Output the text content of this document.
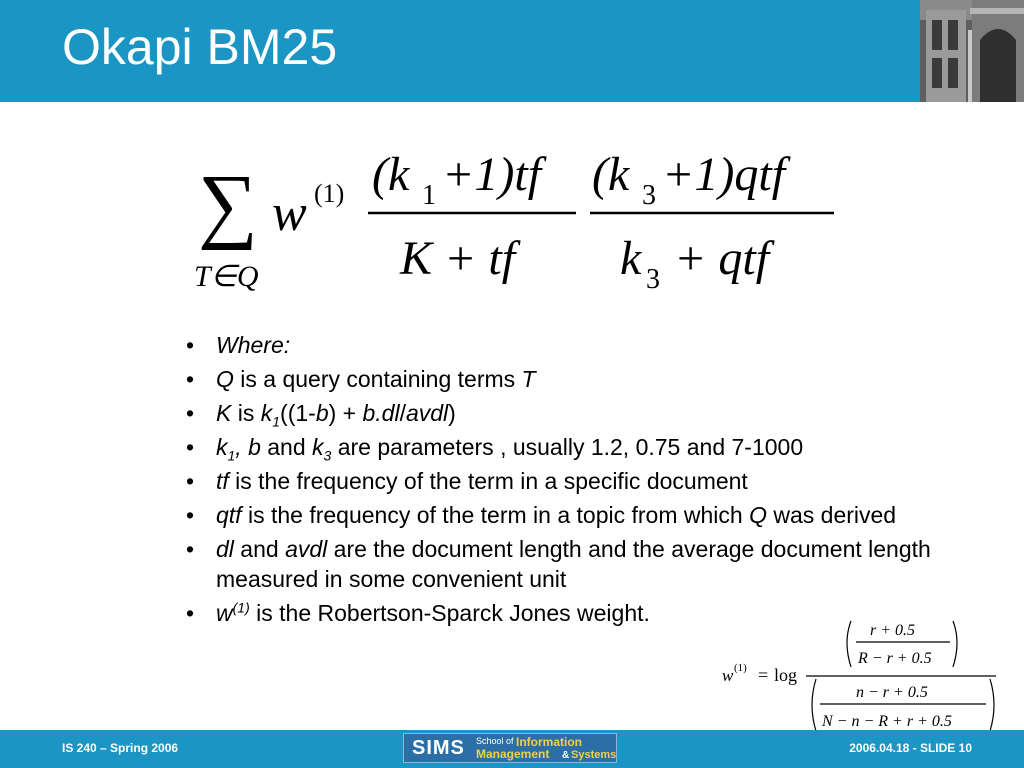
Okapi BM25
∑
T∈Q
w (1) (k 1 +1)tf
K + tf
(k 3 +1)qtf
k 3 + qtf
• Where:
• Q is a query containing terms T
• K is $k_1((1-b)$ + b.dl/avdl)
• $k_1$, b and $k_3$ are parameters , usually 1.2, 0.75 and 7-1000
• tf is the frequency of the term in a specific document
• qtf is the frequency of the term in a topic from which Q was derived
• dl and avdl are the document length and the average document length measured in some convenient unit
• $w^{(1)}$ is the Robertson-Sparck Jones weight.
w (1) = log
r + 0.5
R − r + 0.5
n − r + 0.5
N − n − R + r + 0.5
IS 240 – Spring 2006	SIMS School of Information
Management & Systems	2006.04.18 - SLIDE 10
